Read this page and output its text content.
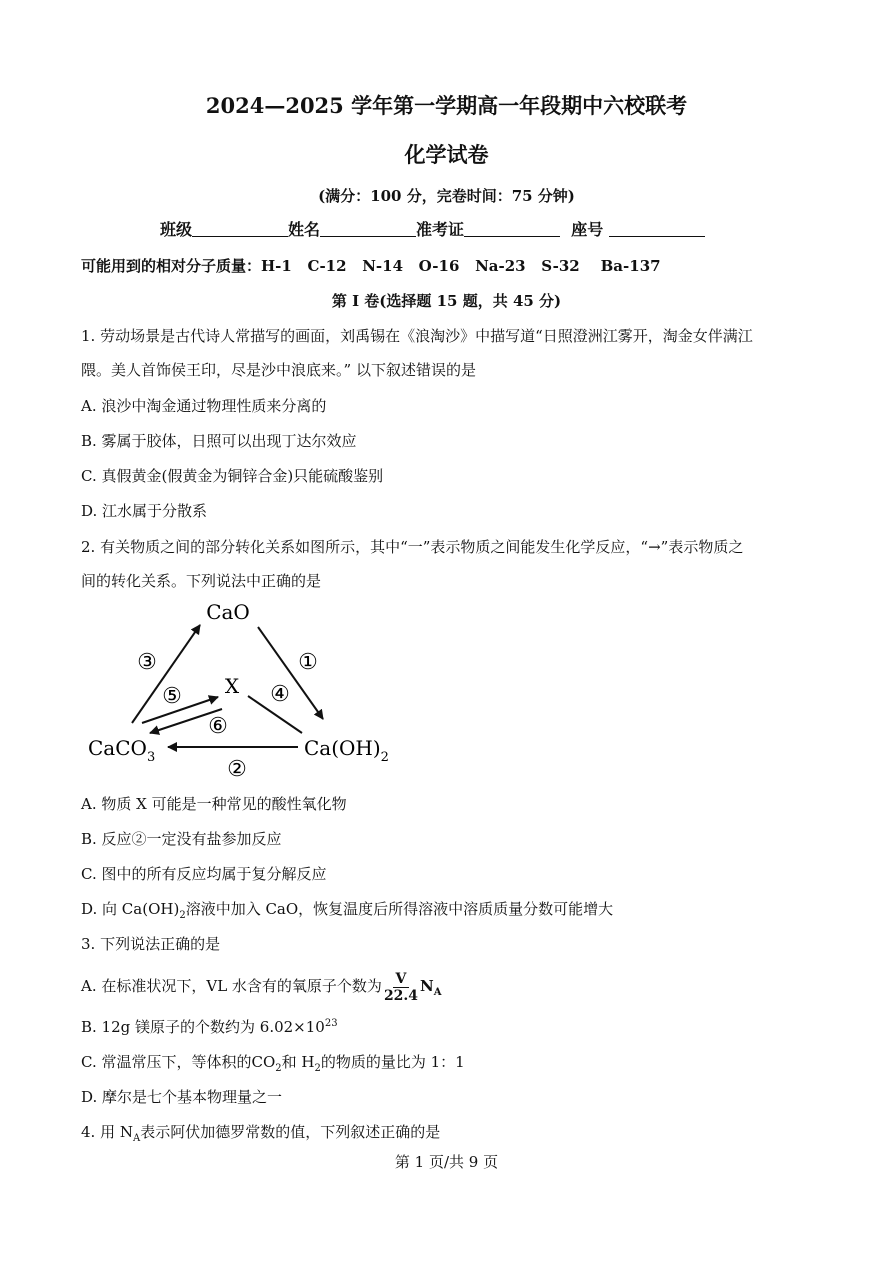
2024—2025 学年第一学期高一年段期中六校联考
化学试卷
(满分：100 分，完卷时间：75 分钟)
班级	姓名	准考证	座号
可能用到的相对分子质量：H-1   C-12   N-14   O-16   Na-23   S-32    Ba-137
第 I 卷(选择题 15 题，共 45 分)
1. 劳动场景是古代诗人常描写的画面，刘禹锡在《浪淘沙》中描写道“日照澄洲江雾开，淘金女伴满江
隈。美人首饰侯王印，尽是沙中浪底来。” 以下叙述错误的是
A. 浪沙中淘金通过物理性质来分离的
B. 雾属于胶体，日照可以出现丁达尔效应
C. 真假黄金(假黄金为铜锌合金)只能硫酸鉴别
D. 江水属于分散系
2. 有关物质之间的部分转化关系如图所示，其中“一”表示物质之间能发生化学反应，“→”表示物质之
间的转化关系。下列说法中正确的是
CaO
X
CaCO$_3$	$Ca(OH)_2$
①
②
③
④
⑤
⑥
A. 物质 X 可能是一种常见的酸性氧化物
B. 反应②一定没有盐参加反应
C. 图中的所有反应均属于复分解反应
D. 向 $Ca(OH)_2$溶液中加入 CaO，恢复温度后所得溶液中溶质质量分数可能增大
3. 下列说法正确的是
A. 在标准状况下，VL 水含有的氧原子个数为 $\frac{V}{22.4} N_A$
B. 12g 镁原子的个数约为 $6.02\times 10^{23}$
C. 常温常压下，等体积的$CO_2$和 $H_2$的物质的量比为 1：1
D. 摩尔是七个基本物理量之一
4. 用 $N_A$表示阿伏加德罗常数的值，下列叙述正确的是
第 1 页/共 9 页
